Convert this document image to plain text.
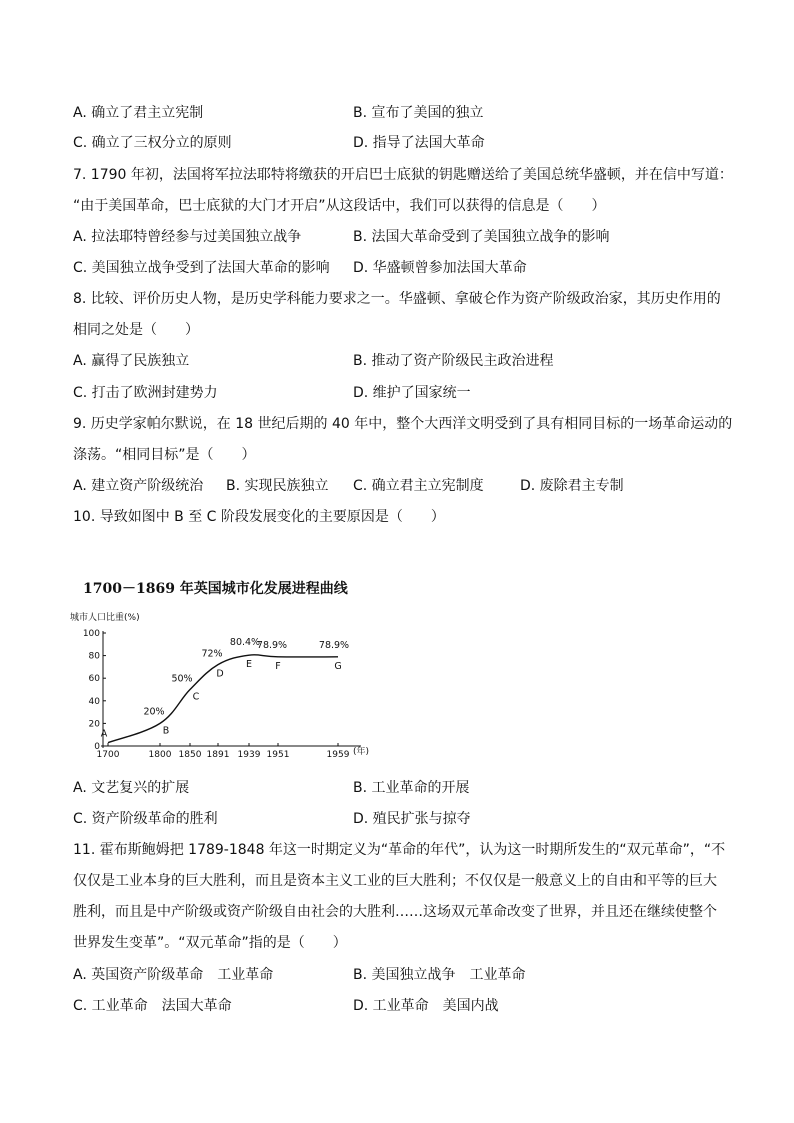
A. 确立了君主立宪制	B. 宣布了美国的独立
C. 确立了三权分立的原则	D. 指导了法国大革命
7. 1790 年初，法国将军拉法耶特将缴获的开启巴士底狱的钥匙赠送给了美国总统华盛顿，并在信中写道：
“由于美国革命，巴士底狱的大门才开启”从这段话中，我们可以获得的信息是（　　）
A. 拉法耶特曾经参与过美国独立战争	B. 法国大革命受到了美国独立战争的影响
C. 美国独立战争受到了法国大革命的影响 D. 华盛顿曾参加法国大革命
8. 比较、评价历史人物，是历史学科能力要求之一。华盛顿、拿破仑作为资产阶级政治家，其历史作用的
相同之处是（　　）
A. 赢得了民族独立	B. 推动了资产阶级民主政治进程
C. 打击了欧洲封建势力	D. 维护了国家统一
9. 历史学家帕尔默说，在 18 世纪后期的 40 年中，整个大西洋文明受到了具有相同目标的一场革命运动的
涤荡。“相同目标”是（　　）
A. 建立资产阶级统治 B. 实现民族独立 C. 确立君主立宪制度	D. 废除君主专制
10. 导致如图中 B 至 C 阶段发展变化的主要原因是（　　）
1700－1869 年英国城市化发展进程曲线
城市人口比重(%)
(年)
0
20
40
60
80
100
1700	1800 1850 1891 1939 1951	1959
A	B
20%
C
50%	D
72%
E
80.4%
F
78.9%
G
78.9%
A. 文艺复兴的扩展	B. 工业革命的开展
C. 资产阶级革命的胜利	D. 殖民扩张与掠夺
11. 霍布斯鲍姆把 1789-1848 年这一时期定义为“革命的年代”，认为这一时期所发生的“双元革命”，“不
仅仅是工业本身的巨大胜利，而且是资本主义工业的巨大胜利；不仅仅是一般意义上的自由和平等的巨大
胜利，而且是中产阶级或资产阶级自由社会的大胜利……这场双元革命改变了世界，并且还在继续使整个
世界发生变革”。“双元革命”指的是（　　）
A. 英国资产阶级革命　工业革命	B. 美国独立战争　工业革命
C. 工业革命　法国大革命	D. 工业革命　美国内战
